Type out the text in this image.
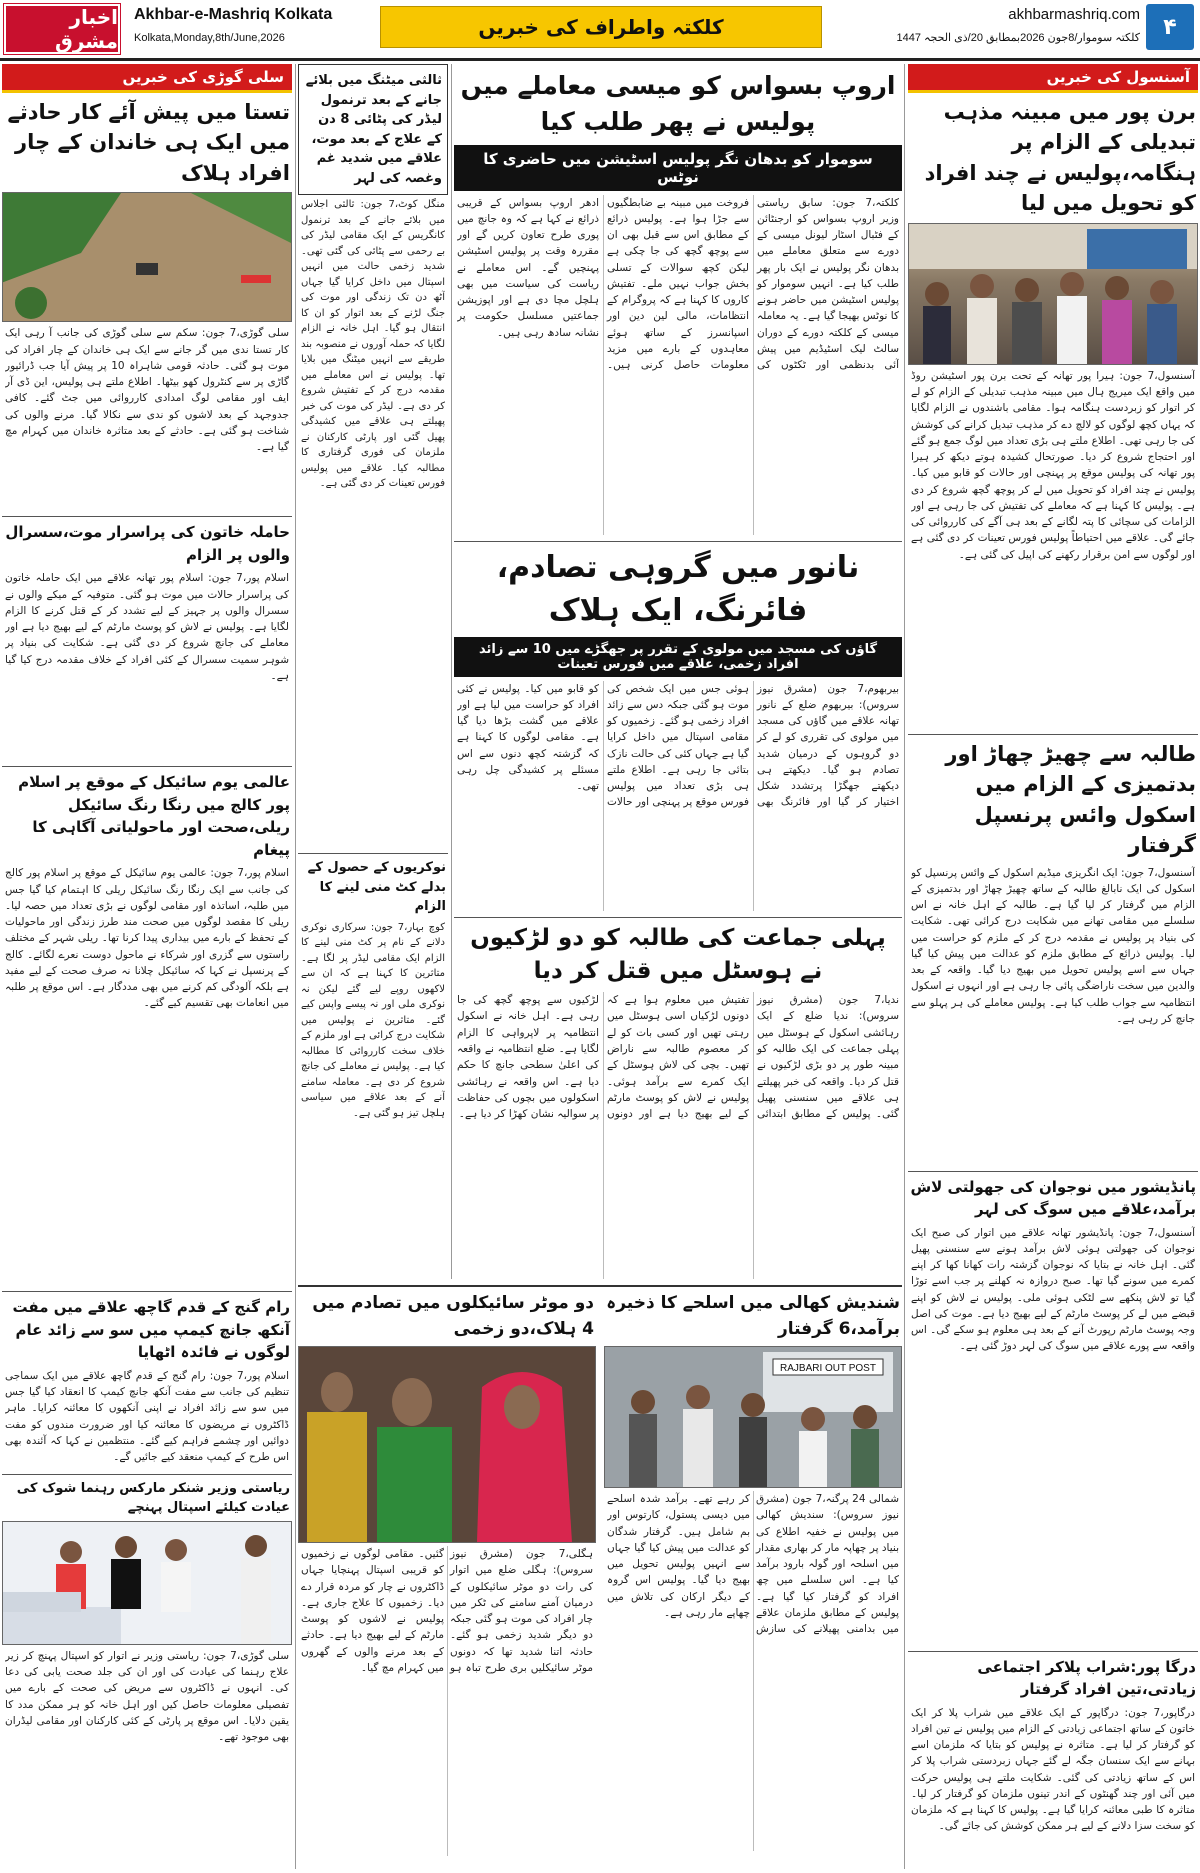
اخبار مشرق
Akhbar-e-Mashriq Kolkata
Kolkata,Monday,8th/June,2026	کلکتہ واطراف کی خبریں
akhbarmashriq.com
کلکتہ سوموار/8جون 2026بمطابق 20/ذی الحجہ 1447	۴
آسنسول کی خبریں
برن پور میں مبینہ مذہب تبدیلی کے الزام پر ہنگامہ،پولیس نے چند افراد کو تحویل میں لیا
آسنسول،7 جون: ہیرا پور تھانہ کے تحت برن پور اسٹیشن روڈ میں واقع ایک میریج ہال میں مبینہ مذہب تبدیلی کے الزام کو لے کر اتوار کو زبردست ہنگامہ ہوا۔ مقامی باشندوں نے الزام لگایا کہ یہاں کچھ لوگوں کو لالچ دے کر مذہب تبدیل کرانے کی کوشش کی جا رہی تھی۔ اطلاع ملتے ہی بڑی تعداد میں لوگ جمع ہو گئے اور احتجاج شروع کر دیا۔ صورتحال کشیدہ ہوتے دیکھ کر ہیرا پور تھانہ کی پولیس موقع پر پہنچی اور حالات کو قابو میں کیا۔ پولیس نے چند افراد کو تحویل میں لے کر پوچھ گچھ شروع کر دی ہے۔ پولیس کا کہنا ہے کہ معاملے کی تفتیش کی جا رہی ہے اور الزامات کی سچائی کا پتہ لگانے کے بعد ہی آگے کی کارروائی کی جائے گی۔ علاقے میں احتیاطاً پولیس فورس تعینات کر دی گئی ہے اور لوگوں سے امن برقرار رکھنے کی اپیل کی گئی ہے۔
طالبہ سے چھیڑ چھاڑ اور بدتمیزی کے الزام میں اسکول وائس پرنسپل گرفتار
آسنسول،7 جون: ایک انگریزی میڈیم اسکول کے وائس پرنسپل کو اسکول کی ایک نابالغ طالبہ کے ساتھ چھیڑ چھاڑ اور بدتمیزی کے الزام میں گرفتار کر لیا گیا ہے۔ طالبہ کے اہل خانہ نے اس سلسلے میں مقامی تھانے میں شکایت درج کرائی تھی۔ شکایت کی بنیاد پر پولیس نے مقدمہ درج کر کے ملزم کو حراست میں لیا۔ پولیس ذرائع کے مطابق ملزم کو عدالت میں پیش کیا گیا جہاں سے اسے پولیس تحویل میں بھیج دیا گیا۔ واقعہ کے بعد والدین میں سخت ناراضگی پائی جا رہی ہے اور انہوں نے اسکول انتظامیہ سے جواب طلب کیا ہے۔ پولیس معاملے کی ہر پہلو سے جانچ کر رہی ہے۔
پانڈیشور میں نوجوان کی جھولتی لاش برآمد،علاقے میں سوگ کی لہر
آسنسول،7 جون: پانڈیشور تھانہ علاقے میں اتوار کی صبح ایک نوجوان کی جھولتی ہوئی لاش برآمد ہونے سے سنسنی پھیل گئی۔ اہل خانہ نے بتایا کہ نوجوان گزشتہ رات کھانا کھا کر اپنے کمرے میں سونے گیا تھا۔ صبح دروازہ نہ کھلنے پر جب اسے توڑا گیا تو لاش پنکھے سے لٹکی ہوئی ملی۔ پولیس نے لاش کو اپنے قبضے میں لے کر پوسٹ مارٹم کے لیے بھیج دیا ہے۔ موت کی اصل وجہ پوسٹ مارٹم رپورٹ آنے کے بعد ہی معلوم ہو سکے گی۔ اس واقعہ سے پورے علاقے میں سوگ کی لہر دوڑ گئی ہے۔
درگا پور:شراب پلاکر اجتماعی زیادتی،تین افراد گرفتار
درگاپور،7 جون: درگاپور کے ایک علاقے میں شراب پلا کر ایک خاتون کے ساتھ اجتماعی زیادتی کے الزام میں پولیس نے تین افراد کو گرفتار کر لیا ہے۔ متاثرہ نے پولیس کو بتایا کہ ملزمان اسے بہانے سے ایک سنسان جگہ لے گئے جہاں زبردستی شراب پلا کر اس کے ساتھ زیادتی کی گئی۔ شکایت ملتے ہی پولیس حرکت میں آئی اور چند گھنٹوں کے اندر تینوں ملزمان کو گرفتار کر لیا۔ متاثرہ کا طبی معائنہ کرایا گیا ہے۔ پولیس کا کہنا ہے کہ ملزمان کو سخت سزا دلانے کے لیے ہر ممکن کوشش کی جائے گی۔
سلی گوڑی کی خبریں
تستا میں پیش آئے کار حادثے میں ایک ہی خاندان کے چار افراد ہلاک
سلی گوڑی،7 جون: سکم سے سلی گوڑی کی جانب آ رہی ایک کار تستا ندی میں گر جانے سے ایک ہی خاندان کے چار افراد کی موت ہو گئی۔ حادثہ قومی شاہراہ 10 پر پیش آیا جب ڈرائیور گاڑی پر سے کنٹرول کھو بیٹھا۔ اطلاع ملتے ہی پولیس، این ڈی آر ایف اور مقامی لوگ امدادی کارروائی میں جٹ گئے۔ کافی جدوجہد کے بعد لاشوں کو ندی سے نکالا گیا۔ مرنے والوں کی شناخت ہو گئی ہے۔ حادثے کے بعد متاثرہ خاندان میں کہرام مچ گیا ہے۔
حاملہ خاتون کی پراسرار موت،سسرال والوں پر الزام
اسلام پور،7 جون: اسلام پور تھانہ علاقے میں ایک حاملہ خاتون کی پراسرار حالات میں موت ہو گئی۔ متوفیہ کے میکے والوں نے سسرال والوں پر جہیز کے لیے تشدد کر کے قتل کرنے کا الزام لگایا ہے۔ پولیس نے لاش کو پوسٹ مارٹم کے لیے بھیج دیا ہے اور معاملے کی جانچ شروع کر دی گئی ہے۔ شکایت کی بنیاد پر شوہر سمیت سسرال کے کئی افراد کے خلاف مقدمہ درج کیا گیا ہے۔
عالمی یوم سائیکل کے موقع پر اسلام پور کالج میں رنگا رنگ سائیکل ریلی،صحت اور ماحولیاتی آگاہی کا پیغام
اسلام پور،7 جون: عالمی یوم سائیکل کے موقع پر اسلام پور کالج کی جانب سے ایک رنگا رنگ سائیکل ریلی کا اہتمام کیا گیا جس میں طلبہ، اساتذہ اور مقامی لوگوں نے بڑی تعداد میں حصہ لیا۔ ریلی کا مقصد لوگوں میں صحت مند طرز زندگی اور ماحولیات کے تحفظ کے بارے میں بیداری پیدا کرنا تھا۔ ریلی شہر کے مختلف راستوں سے گزری اور شرکاء نے ماحول دوست نعرے لگائے۔ کالج کے پرنسپل نے کہا کہ سائیکل چلانا نہ صرف صحت کے لیے مفید ہے بلکہ آلودگی کم کرنے میں بھی مددگار ہے۔ اس موقع پر طلبہ میں انعامات بھی تقسیم کیے گئے۔
رام گنج کے قدم گاچھ علاقے میں مفت آنکھ جانچ کیمپ میں سو سے زائد عام لوگوں نے فائدہ اٹھایا
اسلام پور،7 جون: رام گنج کے قدم گاچھ علاقے میں ایک سماجی تنظیم کی جانب سے مفت آنکھ جانچ کیمپ کا انعقاد کیا گیا جس میں سو سے زائد افراد نے اپنی آنکھوں کا معائنہ کرایا۔ ماہر ڈاکٹروں نے مریضوں کا معائنہ کیا اور ضرورت مندوں کو مفت دوائیں اور چشمے فراہم کیے گئے۔ منتظمین نے کہا کہ آئندہ بھی اس طرح کے کیمپ منعقد کیے جائیں گے۔
ریاستی وزیر شنکر مارکس رہنما شوک کی عیادت کیلئے اسپتال پہنچے
سلی گوڑی،7 جون: ریاستی وزیر نے اتوار کو اسپتال پہنچ کر زیر علاج رہنما کی عیادت کی اور ان کی جلد صحت یابی کی دعا کی۔ انہوں نے ڈاکٹروں سے مریض کی صحت کے بارے میں تفصیلی معلومات حاصل کیں اور اہل خانہ کو ہر ممکن مدد کا یقین دلایا۔ اس موقع پر پارٹی کے کئی کارکنان اور مقامی لیڈران بھی موجود تھے۔
ثالثی میٹنگ میں بلائے جانے کے بعد ترنمول لیڈر کی پٹائی 8 دن کے علاج کے بعد موت، علاقے میں شدید غم وغصہ کی لہر
منگل کوٹ،7 جون: ثالثی اجلاس میں بلائے جانے کے بعد ترنمول کانگریس کے ایک مقامی لیڈر کی بے رحمی سے پٹائی کی گئی تھی۔ شدید زخمی حالت میں انہیں اسپتال میں داخل کرایا گیا جہاں آٹھ دن تک زندگی اور موت کی جنگ لڑنے کے بعد اتوار کو ان کا انتقال ہو گیا۔ اہل خانہ نے الزام لگایا کہ حملہ آوروں نے منصوبہ بند طریقے سے انہیں میٹنگ میں بلایا تھا۔ پولیس نے اس معاملے میں مقدمہ درج کر کے تفتیش شروع کر دی ہے۔ لیڈر کی موت کی خبر پھیلتے ہی علاقے میں کشیدگی پھیل گئی اور پارٹی کارکنان نے ملزمان کی فوری گرفتاری کا مطالبہ کیا۔ علاقے میں پولیس فورس تعینات کر دی گئی ہے۔
نوکریوں کے حصول کے بدلے کٹ منی لینے کا الزام
کوچ بہار،7 جون: سرکاری نوکری دلانے کے نام پر کٹ منی لینے کا الزام ایک مقامی لیڈر پر لگا ہے۔ متاثرین کا کہنا ہے کہ ان سے لاکھوں روپے لیے گئے لیکن نہ نوکری ملی اور نہ پیسے واپس کیے گئے۔ متاثرین نے پولیس میں شکایت درج کرائی ہے اور ملزم کے خلاف سخت کارروائی کا مطالبہ کیا ہے۔ پولیس نے معاملے کی جانچ شروع کر دی ہے۔ معاملہ سامنے آنے کے بعد علاقے میں سیاسی ہلچل تیز ہو گئی ہے۔
اروپ بسواس کو میسی معاملے میں پولیس نے پھر طلب کیا
سوموار کو بدھان نگر پولیس اسٹیشن میں حاضری کا نوٹس
کلکتہ،7 جون: سابق ریاستی وزیر اروپ بسواس کو ارجنٹائن کے فٹبال اسٹار لیونل میسی کے دورے سے متعلق معاملے میں بدھان نگر پولیس نے ایک بار پھر طلب کیا ہے۔ انہیں سوموار کو پولیس اسٹیشن میں حاضر ہونے کا نوٹس بھیجا گیا ہے۔ یہ معاملہ میسی کے کلکتہ دورے کے دوران سالٹ لیک اسٹیڈیم میں پیش آئی بدنظمی اور ٹکٹوں کی فروخت میں مبینہ بے ضابطگیوں سے جڑا ہوا ہے۔ پولیس ذرائع کے مطابق اس سے قبل بھی ان سے پوچھ گچھ کی جا چکی ہے لیکن کچھ سوالات کے تسلی بخش جواب نہیں ملے۔ تفتیش کاروں کا کہنا ہے کہ پروگرام کے انتظامات، مالی لین دین اور اسپانسرز کے ساتھ ہوئے معاہدوں کے بارے میں مزید معلومات حاصل کرنی ہیں۔ ادھر اروپ بسواس کے قریبی ذرائع نے کہا ہے کہ وہ جانچ میں پوری طرح تعاون کریں گے اور مقررہ وقت پر پولیس اسٹیشن پہنچیں گے۔ اس معاملے نے ریاست کی سیاست میں بھی ہلچل مچا دی ہے اور اپوزیشن جماعتیں مسلسل حکومت پر نشانہ سادھ رہی ہیں۔
نانور میں گروہی تصادم، فائرنگ، ایک ہلاک
گاؤں کی مسجد میں مولوی کے تقرر پر جھگڑے میں 10 سے زائد افراد زخمی، علاقے میں فورس تعینات
بیربھوم،7 جون (مشرق نیوز سروس): بیربھوم ضلع کے نانور تھانہ علاقے میں گاؤں کی مسجد میں مولوی کی تقرری کو لے کر دو گروہوں کے درمیان شدید تصادم ہو گیا۔ دیکھتے ہی دیکھتے جھگڑا پرتشدد شکل اختیار کر گیا اور فائرنگ بھی ہوئی جس میں ایک شخص کی موت ہو گئی جبکہ دس سے زائد افراد زخمی ہو گئے۔ زخمیوں کو مقامی اسپتال میں داخل کرایا گیا ہے جہاں کئی کی حالت نازک بتائی جا رہی ہے۔ اطلاع ملتے ہی بڑی تعداد میں پولیس فورس موقع پر پہنچی اور حالات کو قابو میں کیا۔ پولیس نے کئی افراد کو حراست میں لیا ہے اور علاقے میں گشت بڑھا دیا گیا ہے۔ مقامی لوگوں کا کہنا ہے کہ گزشتہ کچھ دنوں سے اس مسئلے پر کشیدگی چل رہی تھی۔
پہلی جماعت کی طالبہ کو دو لڑکیوں نے ہوسٹل میں قتل کر دیا
ندیا،7 جون (مشرق نیوز سروس): ندیا ضلع کے ایک رہائشی اسکول کے ہوسٹل میں پہلی جماعت کی ایک طالبہ کو مبینہ طور پر دو بڑی لڑکیوں نے قتل کر دیا۔ واقعہ کی خبر پھیلتے ہی علاقے میں سنسنی پھیل گئی۔ پولیس کے مطابق ابتدائی تفتیش میں معلوم ہوا ہے کہ دونوں لڑکیاں اسی ہوسٹل میں رہتی تھیں اور کسی بات کو لے کر معصوم طالبہ سے ناراض تھیں۔ بچی کی لاش ہوسٹل کے ایک کمرے سے برآمد ہوئی۔ پولیس نے لاش کو پوسٹ مارٹم کے لیے بھیج دیا ہے اور دونوں لڑکیوں سے پوچھ گچھ کی جا رہی ہے۔ اہل خانہ نے اسکول انتظامیہ پر لاپرواہی کا الزام لگایا ہے۔ ضلع انتظامیہ نے واقعہ کی اعلیٰ سطحی جانچ کا حکم دیا ہے۔ اس واقعہ نے رہائشی اسکولوں میں بچوں کی حفاظت پر سوالیہ نشان کھڑا کر دیا ہے۔
شندیش کھالی میں اسلحے کا ذخیرہ برآمد،6 گرفتار
RAJBARI OUT POST
شمالی 24 پرگنہ،7 جون (مشرق نیوز سروس): سندیش کھالی میں پولیس نے خفیہ اطلاع کی بنیاد پر چھاپہ مار کر بھاری مقدار میں اسلحہ اور گولہ بارود برآمد کیا ہے۔ اس سلسلے میں چھ افراد کو گرفتار کیا گیا ہے۔ پولیس کے مطابق ملزمان علاقے میں بدامنی پھیلانے کی سازش کر رہے تھے۔ برآمد شدہ اسلحے میں دیسی پستول، کارتوس اور بم شامل ہیں۔ گرفتار شدگان کو عدالت میں پیش کیا گیا جہاں سے انہیں پولیس تحویل میں بھیج دیا گیا۔ پولیس اس گروہ کے دیگر ارکان کی تلاش میں چھاپے مار رہی ہے۔
دو موٹر سائیکلوں میں تصادم میں 4 ہلاک،دو زخمی
ہگلی،7 جون (مشرق نیوز سروس): ہگلی ضلع میں اتوار کی رات دو موٹر سائیکلوں کے درمیان آمنے سامنے کی ٹکر میں چار افراد کی موت ہو گئی جبکہ دو دیگر شدید زخمی ہو گئے۔ حادثہ اتنا شدید تھا کہ دونوں موٹر سائیکلیں بری طرح تباہ ہو گئیں۔ مقامی لوگوں نے زخمیوں کو قریبی اسپتال پہنچایا جہاں ڈاکٹروں نے چار کو مردہ قرار دے دیا۔ زخمیوں کا علاج جاری ہے۔ پولیس نے لاشوں کو پوسٹ مارٹم کے لیے بھیج دیا ہے۔ حادثے کے بعد مرنے والوں کے گھروں میں کہرام مچ گیا۔
